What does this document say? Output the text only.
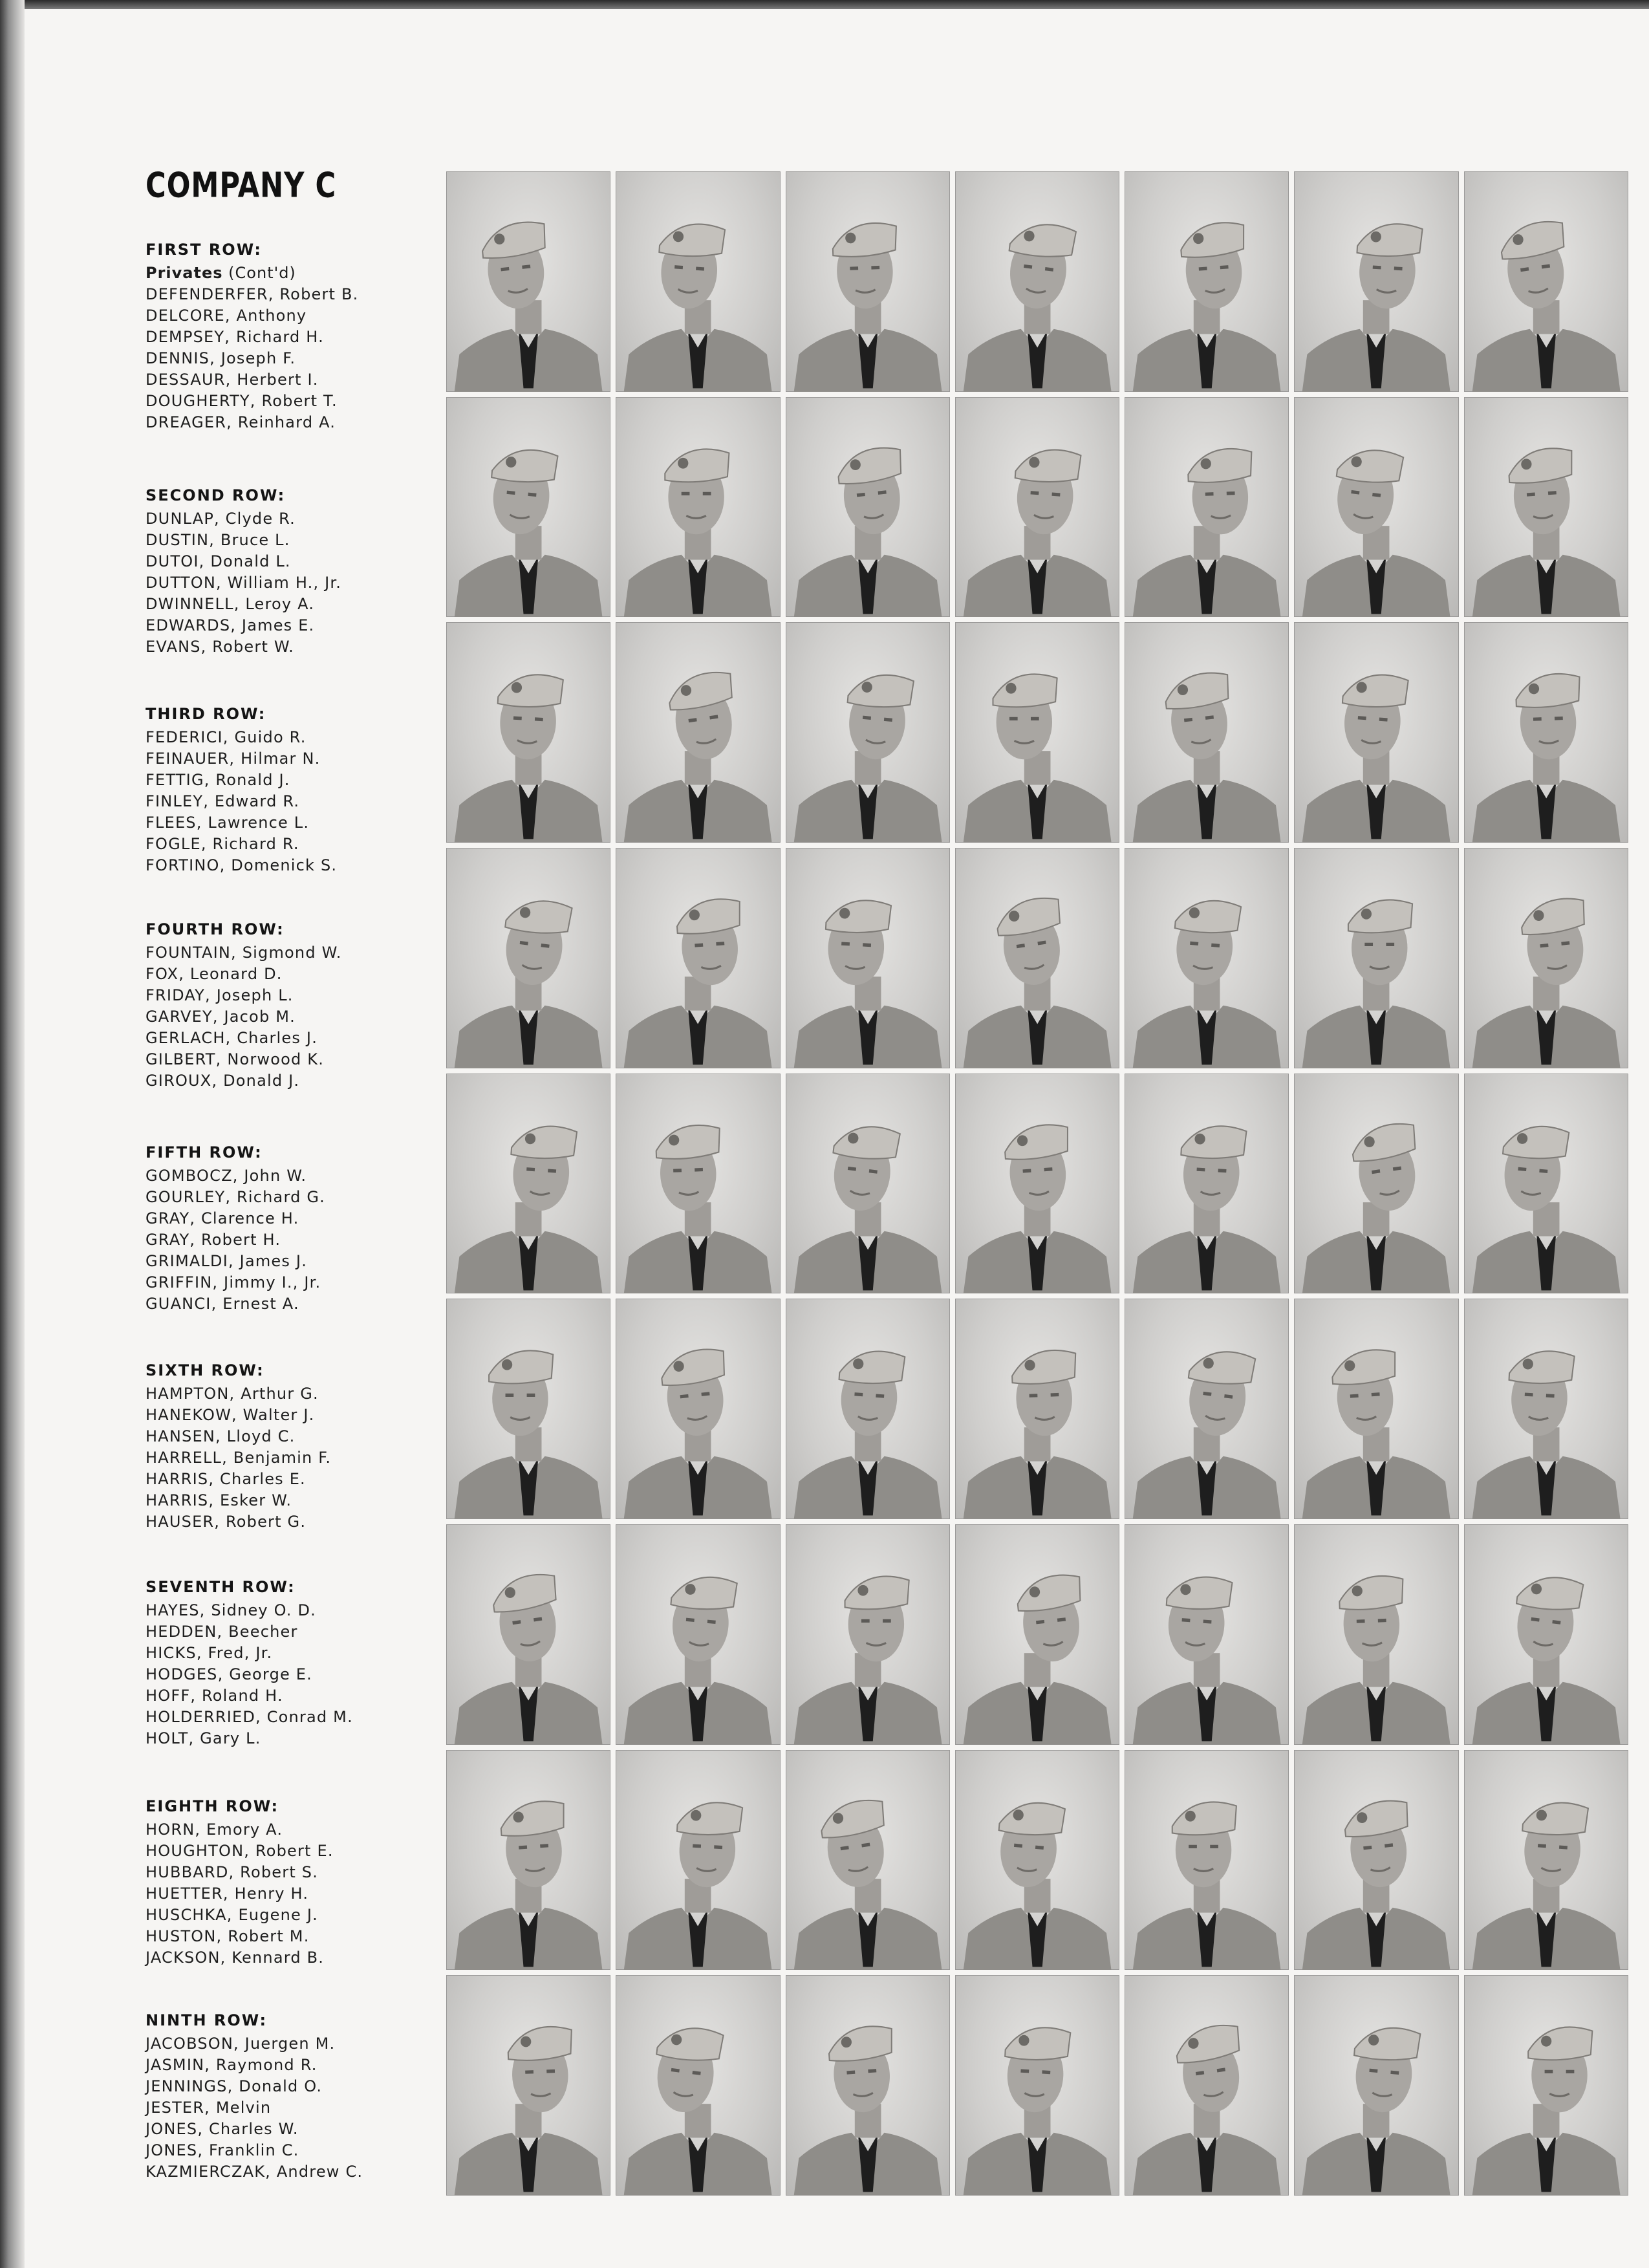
COMPANY C
FIRST ROW:
Privates (Cont'd)
DEFENDERFER, Robert B.
DELCORE, Anthony
DEMPSEY, Richard H.
DENNIS, Joseph F.
DESSAUR, Herbert I.
DOUGHERTY, Robert T.
DREAGER, Reinhard A.
SECOND ROW:
DUNLAP, Clyde R.
DUSTIN, Bruce L.
DUTOI, Donald L.
DUTTON, William H., Jr.
DWINNELL, Leroy A.
EDWARDS, James E.
EVANS, Robert W.
THIRD ROW:
FEDERICI, Guido R.
FEINAUER, Hilmar N.
FETTIG, Ronald J.
FINLEY, Edward R.
FLEES, Lawrence L.
FOGLE, Richard R.
FORTINO, Domenick S.
FOURTH ROW:
FOUNTAIN, Sigmond W.
FOX, Leonard D.
FRIDAY, Joseph L.
GARVEY, Jacob M.
GERLACH, Charles J.
GILBERT, Norwood K.
GIROUX, Donald J.
FIFTH ROW:
GOMBOCZ, John W.
GOURLEY, Richard G.
GRAY, Clarence H.
GRAY, Robert H.
GRIMALDI, James J.
GRIFFIN, Jimmy I., Jr.
GUANCI, Ernest A.
SIXTH ROW:
HAMPTON, Arthur G.
HANEKOW, Walter J.
HANSEN, Lloyd C.
HARRELL, Benjamin F.
HARRIS, Charles E.
HARRIS, Esker W.
HAUSER, Robert G.
SEVENTH ROW:
HAYES, Sidney O. D.
HEDDEN, Beecher
HICKS, Fred, Jr.
HODGES, George E.
HOFF, Roland H.
HOLDERRIED, Conrad M.
HOLT, Gary L.
EIGHTH ROW:
HORN, Emory A.
HOUGHTON, Robert E.
HUBBARD, Robert S.
HUETTER, Henry H.
HUSCHKA, Eugene J.
HUSTON, Robert M.
JACKSON, Kennard B.
NINTH ROW:
JACOBSON, Juergen M.
JASMIN, Raymond R.
JENNINGS, Donald O.
JESTER, Melvin
JONES, Charles W.
JONES, Franklin C.
KAZMIERCZAK, Andrew C.
